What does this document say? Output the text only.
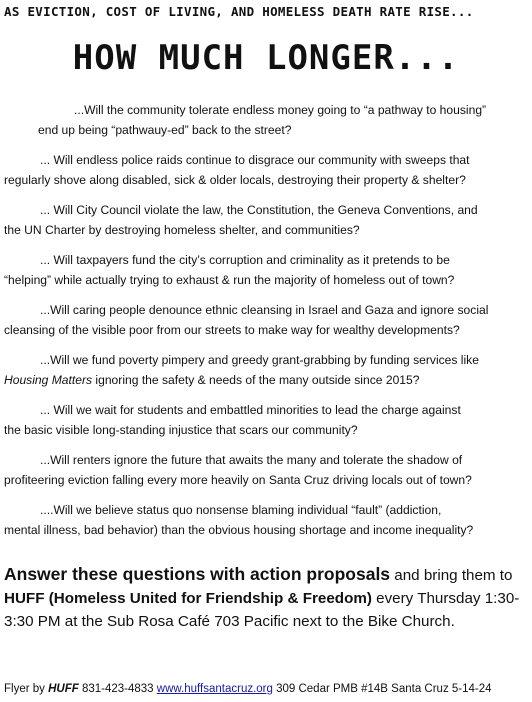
AS EVICTION, COST OF LIVING, AND HOMELESS DEATH RATE RISE...
HOW MUCH LONGER...

...Will the community tolerate endless money going to “a pathway to housing”
end up being “pathwauy-ed” back to the street?

... Will endless police raids continue to disgrace our community with sweeps that
regularly shove along disabled, sick & older locals, destroying their property & shelter?

... Will City Council violate the law, the Constitution, the Geneva Conventions, and
the UN Charter by destroying homeless shelter, and communities?

... Will taxpayers fund the city’s corruption and criminality as it pretends to be
“helping” while actually trying to exhaust & run the majority of homeless out of town?

...Will caring people denounce ethnic cleansing in Israel and Gaza and ignore social
cleansing of the visible poor from our streets to make way for wealthy developments?

...Will we fund poverty pimpery and greedy grant-grabbing by funding services like
Housing Matters ignoring the safety & needs of the many outside since 2015?

... Will we wait for students and embattled minorities to lead the charge against
the basic visible long-standing injustice that scars our community?

...Will renters ignore the future that awaits the many and tolerate the shadow of
profiteering eviction falling every more heavily on Santa Cruz driving locals out of town?

....Will we believe status quo nonsense blaming individual “fault” (addiction,
mental illness, bad behavior) than the obvious housing shortage and income inequality?

Answer these questions with action proposals and bring them to HUFF (Homeless United for Friendship & Freedom) every Thursday 1:30-3:30 PM at the Sub Rosa Café 703 Pacific next to the Bike Church.
Flyer by HUFF 831-423-4833 www.huffsantacruz.org 309 Cedar PMB #14B Santa Cruz 5-14-24
